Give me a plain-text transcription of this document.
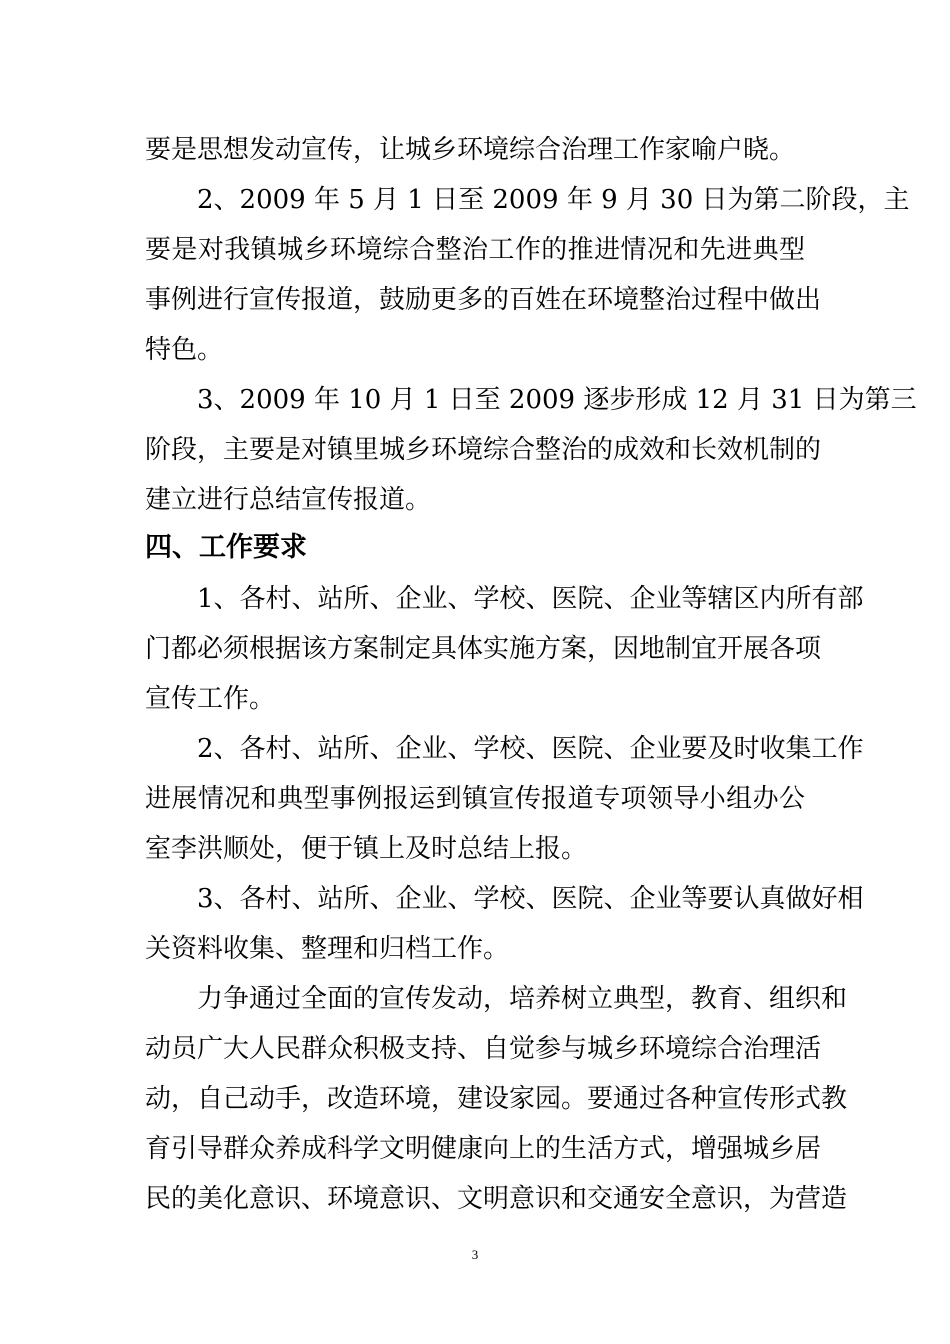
要是思想发动宣传，让城乡环境综合治理工作家喻户晓。
2、2009 年 5 月 1 日至 2009 年 9 月 30 日为第二阶段，主
要是对我镇城乡环境综合整治工作的推进情况和先进典型
事例进行宣传报道，鼓励更多的百姓在环境整治过程中做出
特色。
3、2009 年 10 月 1 日至 2009 逐步形成 12 月 31 日为第三
阶段，主要是对镇里城乡环境综合整治的成效和长效机制的
建立进行总结宣传报道。
四、工作要求
1、各村、站所、企业、学校、医院、企业等辖区内所有部
门都必须根据该方案制定具体实施方案，因地制宜开展各项
宣传工作。
2、各村、站所、企业、学校、医院、企业要及时收集工作
进展情况和典型事例报运到镇宣传报道专项领导小组办公
室李洪顺处，便于镇上及时总结上报。
3、各村、站所、企业、学校、医院、企业等要认真做好相
关资料收集、整理和归档工作。
力争通过全面的宣传发动，培养树立典型，教育、组织和
动员广大人民群众积极支持、自觉参与城乡环境综合治理活
动，自己动手，改造环境，建设家园。要通过各种宣传形式教
育引导群众养成科学文明健康向上的生活方式，增强城乡居
民的美化意识、环境意识、文明意识和交通安全意识，为营造
3
